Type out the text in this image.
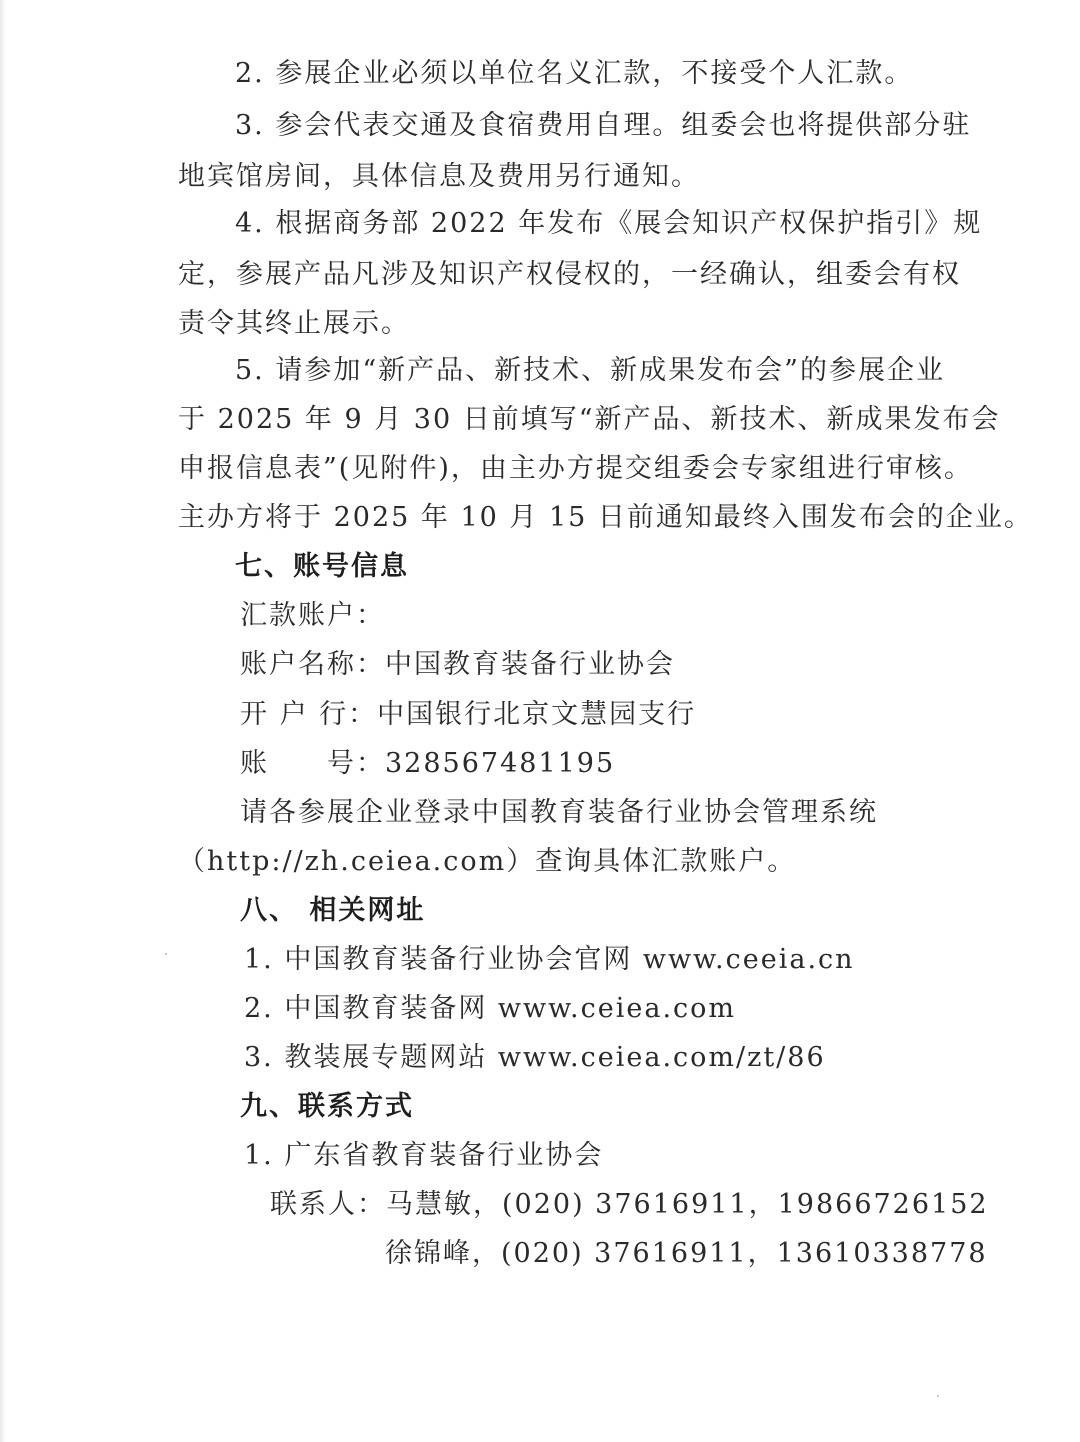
2. 参展企业必须以单位名义汇款，不接受个人汇款。
3. 参会代表交通及食宿费用自理。组委会也将提供部分驻
地宾馆房间，具体信息及费用另行通知。
4. 根据商务部 2022 年发布《展会知识产权保护指引》规
定，参展产品凡涉及知识产权侵权的，一经确认，组委会有权
责令其终止展示。
5. 请参加“新产品、新技术、新成果发布会”的参展企业
于 2025 年 9 月 30 日前填写“新产品、新技术、新成果发布会
申报信息表”(见附件)，由主办方提交组委会专家组进行审核。
主办方将于 2025 年 10 月 15 日前通知最终入围发布会的企业。
七、账号信息
汇款账户：
账户名称：中国教育装备行业协会
开 户 行：中国银行北京文慧园支行
账　　号：328567481195
请各参展企业登录中国教育装备行业协会管理系统
（http://zh.ceiea.com）查询具体汇款账户。
八、 相关网址
1. 中国教育装备行业协会官网 www.ceeia.cn
2. 中国教育装备网 www.ceiea.com
3. 教装展专题网站 www.ceiea.com/zt/86
九、联系方式
1. 广东省教育装备行业协会
联系人：马慧敏，(020) 37616911，19866726152
徐锦峰，(020) 37616911，13610338778
